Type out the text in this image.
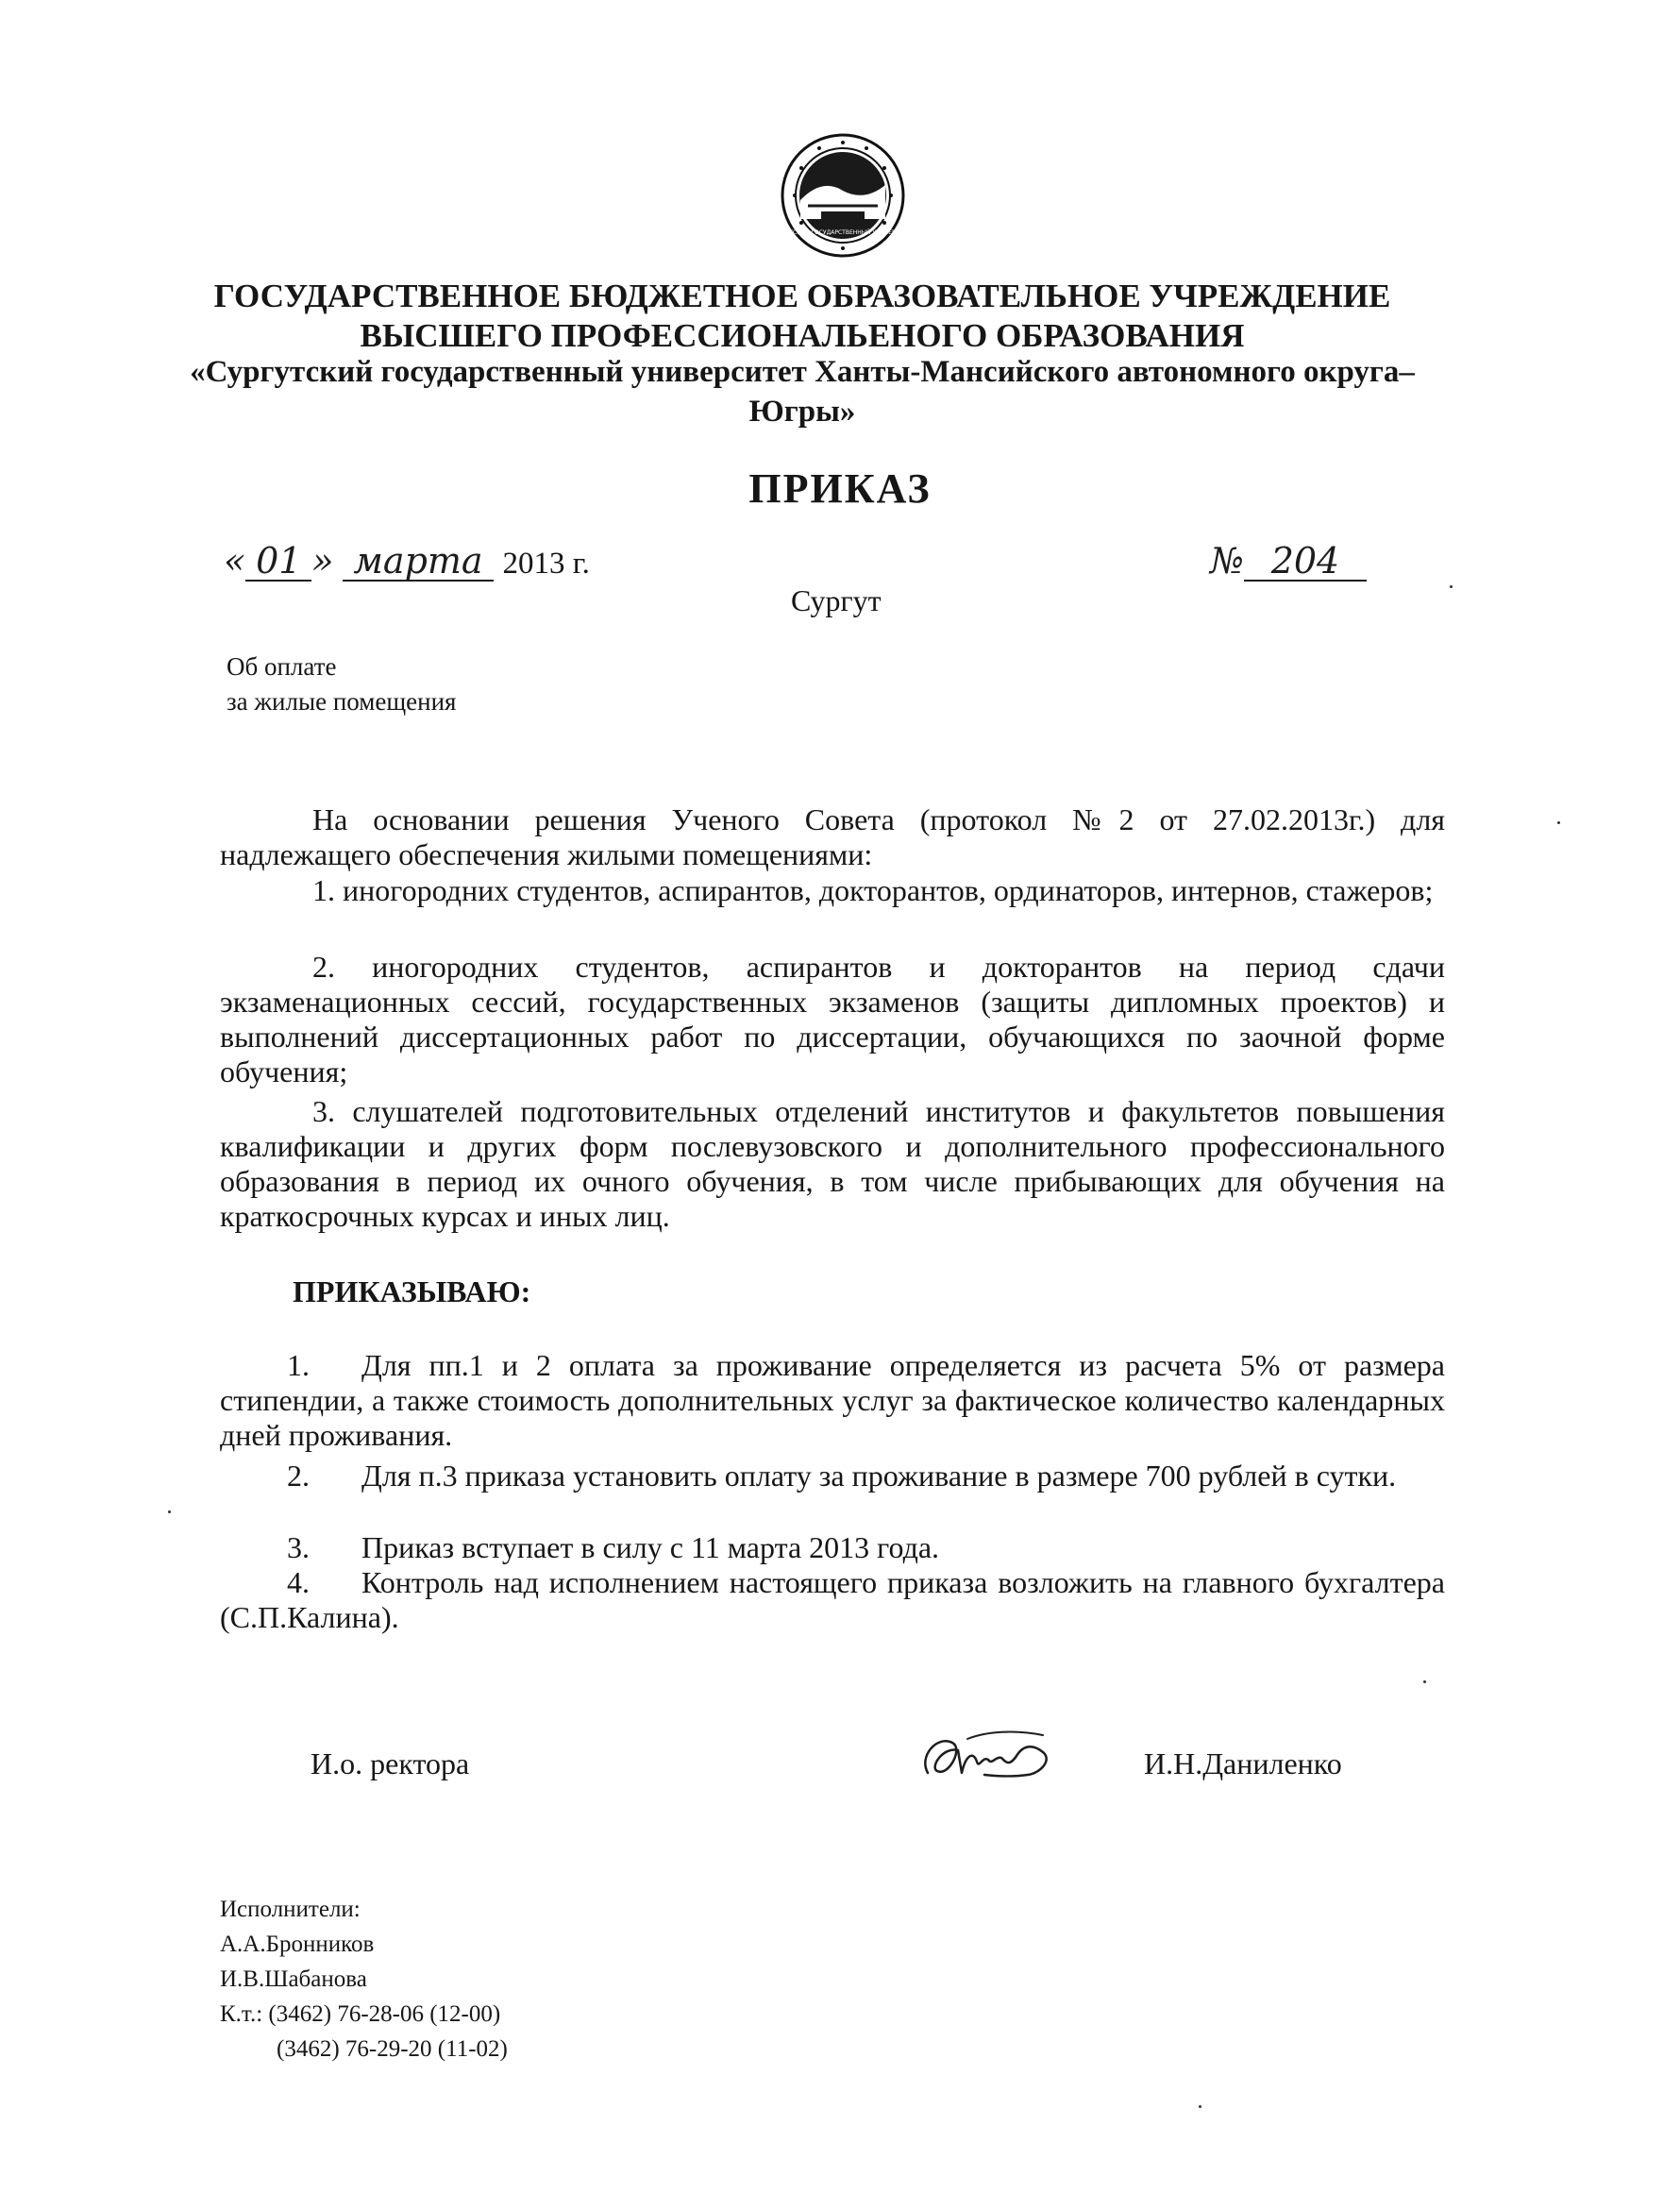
СУРГУТСКИЙ ГОСУДАРСТВЕННЫЙ УНИВЕРСИТЕТ
ГОСУДАРСТВЕННОЕ БЮДЖЕТНОЕ ОБРАЗОВАТЕЛЬНОЕ УЧРЕЖДЕНИЕ
ВЫСШЕГО ПРОФЕССИОНАЛЬЕНОГО ОБРАЗОВАНИЯ
«Сургутский государственный университет Ханты-Мансийского автономного округа–
Югры»
ПРИКАЗ
« 01 » марта 2013 г.	№ 204
Сургут
Об оплате
за жилые помещения
На основании решения Ученого Совета (протокол №2 от 27.02.2013г.) для надлежащего обеспечения жилыми помещениями:
1. иногородних студентов, аспирантов, докторантов, ординаторов, интернов, стажеров;
2. иногородних студентов, аспирантов и докторантов на период сдачи экзаменационных сессий, государственных экзаменов (защиты дипломных проектов) и выполнений диссертационных работ по диссертации, обучающихся по заочной форме обучения;
3. слушателей подготовительных отделений институтов и факультетов повышения квалификации и других форм послевузовского и дополнительного профессионального образования в период их очного обучения, в том числе прибывающих для обучения на краткосрочных курсах и иных лиц.
ПРИКАЗЫВАЮ:
1. Для пп.1 и 2 оплата за проживание определяется из расчета 5% от размера стипендии, а также стоимость дополнительных услуг за фактическое количество календарных дней проживания.
2. Для п.3 приказа установить оплату за проживание в размере 700 рублей в сутки.
3. Приказ вступает в силу с 11 марта 2013 года.
4. Контроль над исполнением настоящего приказа возложить на главного бухгалтера (С.П.Калина).
И.о. ректора	И.Н.Даниленко
Исполнители:
А.А.Бронников
И.В.Шабанова
К.т.: (3462) 76-28-06 (12-00)
(3462) 76-29-20 (11-02)
